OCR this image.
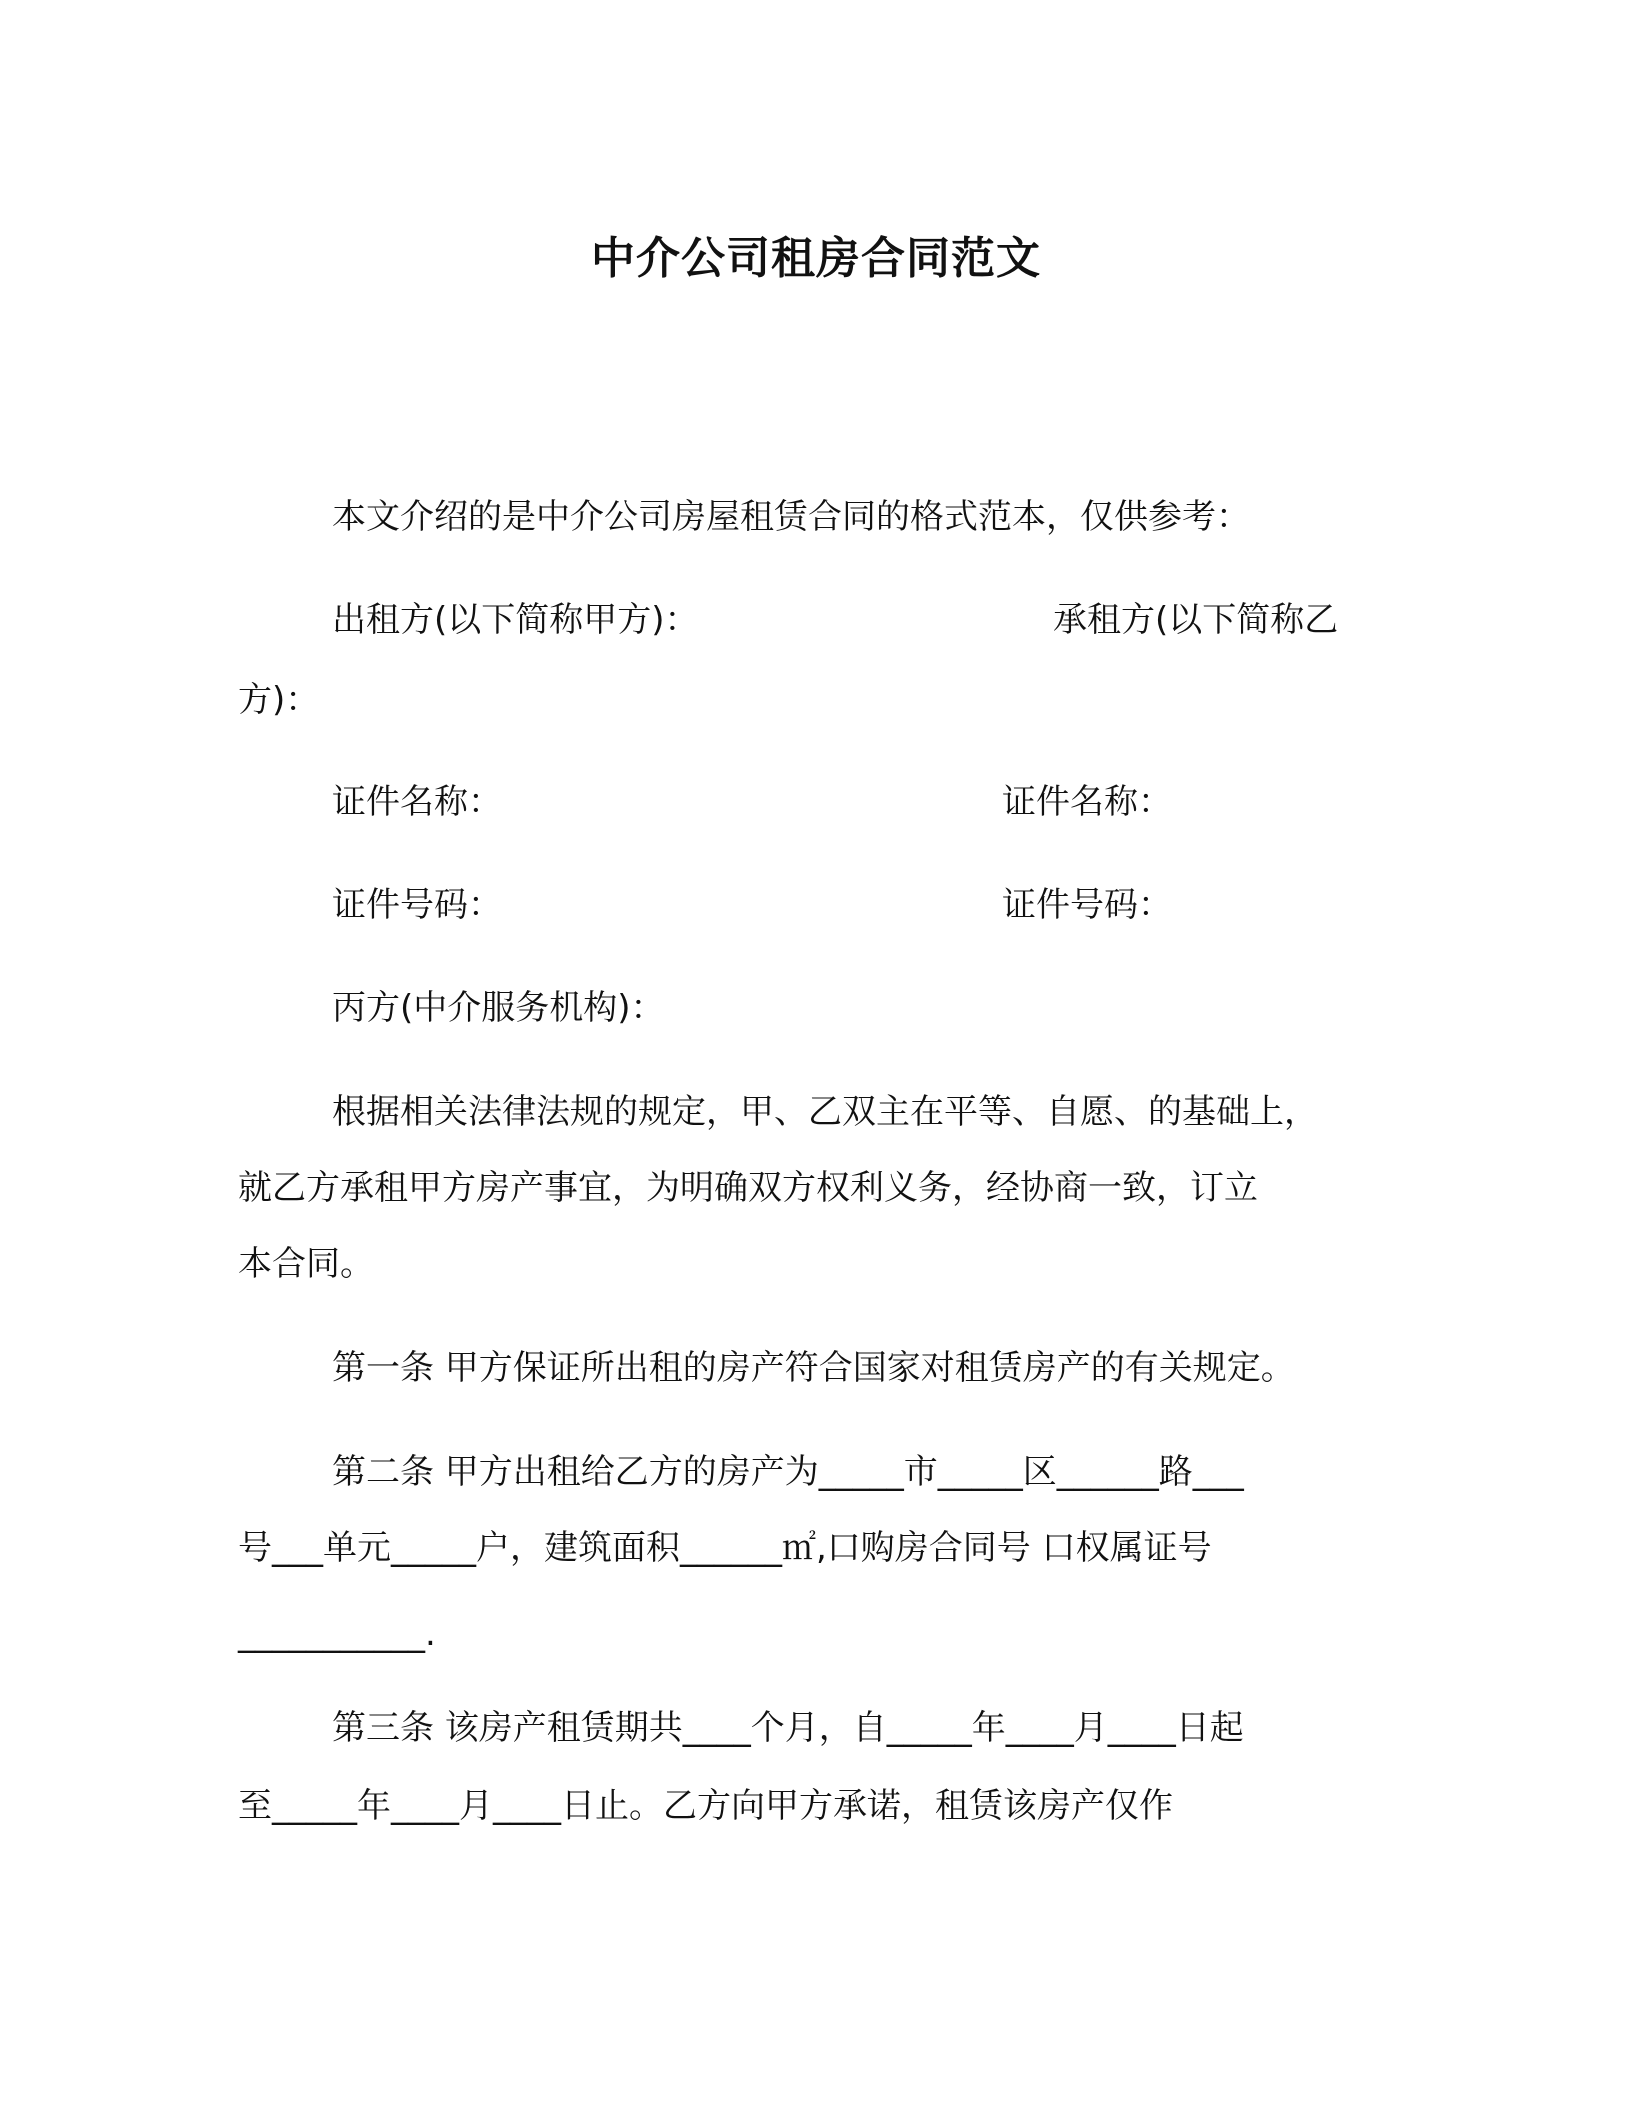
中介公司租房合同范文
本文介绍的是中介公司房屋租赁合同的格式范本，仅供参考：
出租方(以下简称甲方)：	承租方(以下简称乙
方)：
证件名称：	证件名称：
证件号码：	证件号码：
丙方(中介服务机构)：
根据相关法律法规的规定，甲、乙双主在平等、自愿、的基础上，
就乙方承租甲方房产事宜，为明确双方权利义务，经协商一致，订立
本合同。
第一条 甲方保证所出租的房产符合国家对租赁房产的有关规定。
第二条 甲方出租给乙方的房产为_____市_____区______路___
号___单元_____户，建筑面积______㎡,口购房合同号 口权属证号
___________.
第三条 该房产租赁期共____个月，自_____年____月____日起
至_____年____月____日止。乙方向甲方承诺，租赁该房产仅作
